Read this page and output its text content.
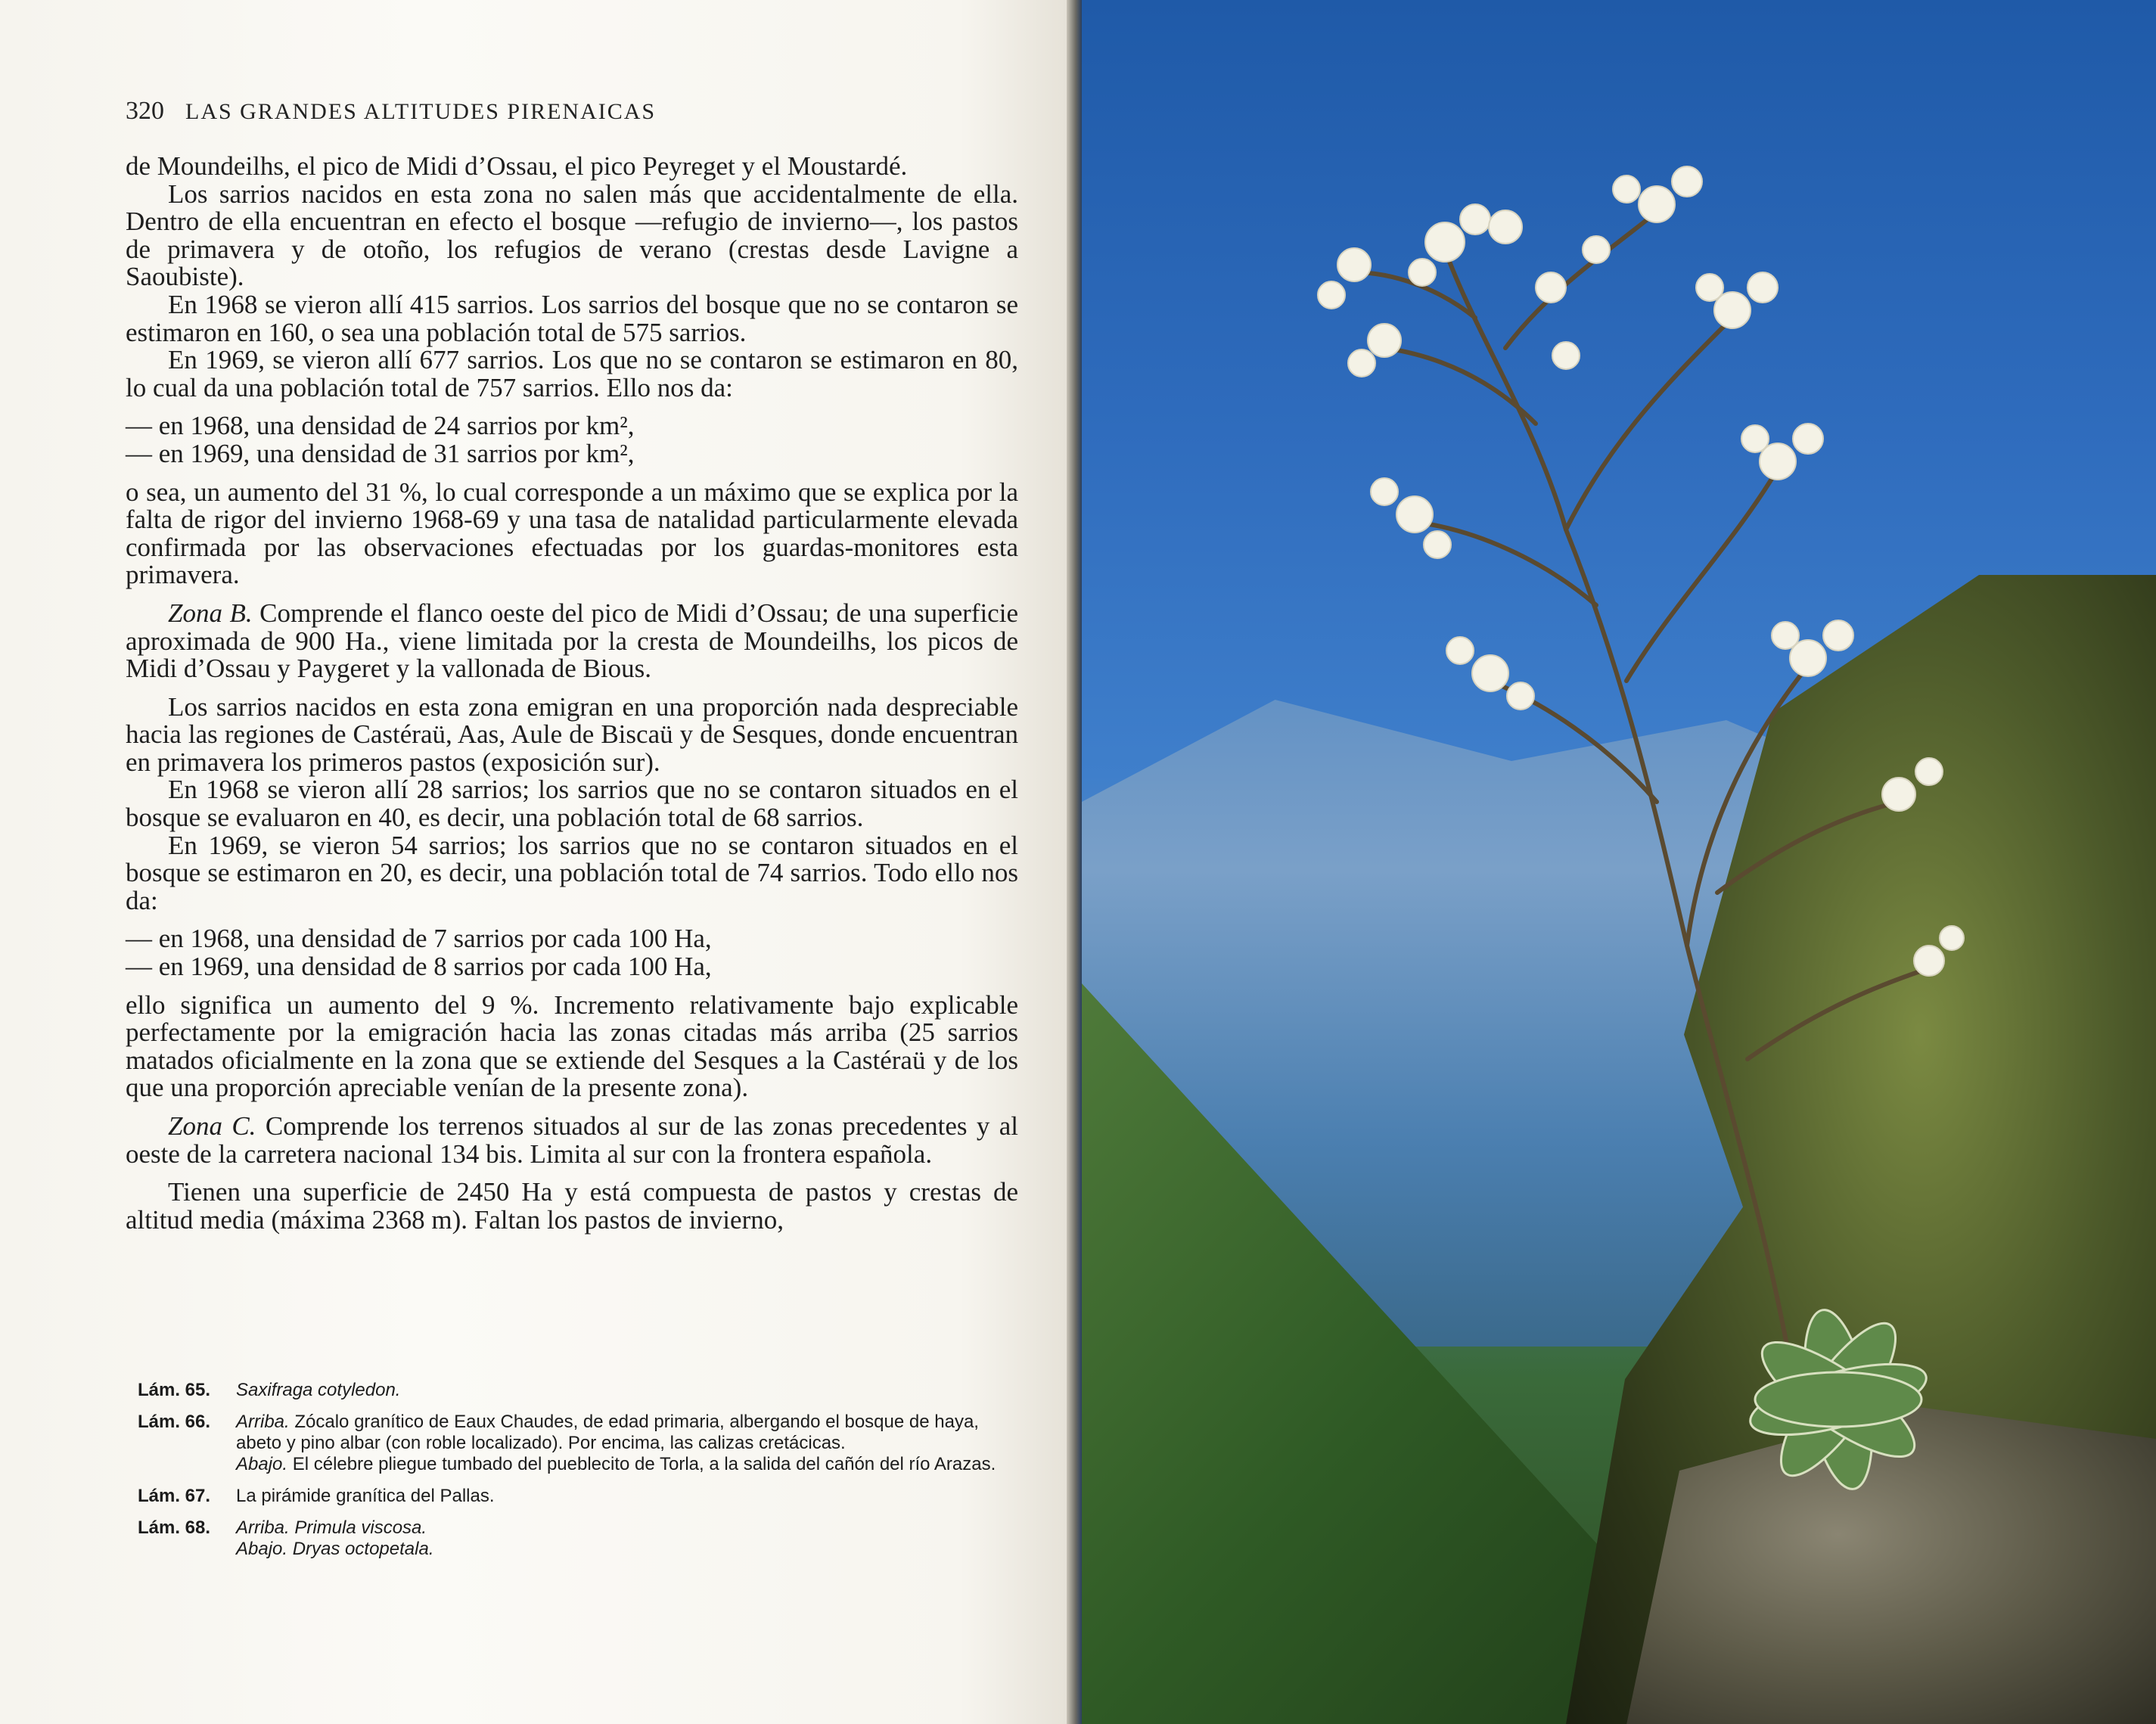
320 LAS GRANDES ALTITUDES PIRENAICAS

de Moundeilhs, el pico de Midi d’Ossau, el pico Peyreget y el Moustardé.

Los sarrios nacidos en esta zona no salen más que accidentalmente de ella. Dentro de ella encuentran en efecto el bosque —refugio de invierno—, los pastos de primavera y de otoño, los refugios de verano (crestas desde Lavigne a Saoubiste).

En 1968 se vieron allí 415 sarrios. Los sarrios del bosque que no se contaron se estimaron en 160, o sea una población total de 575 sarrios.

En 1969, se vieron allí 677 sarrios. Los que no se contaron se estimaron en 80, lo cual da una población total de 757 sarrios. Ello nos da:

— en 1968, una densidad de 24 sarrios por km²,

— en 1969, una densidad de 31 sarrios por km²,

o sea, un aumento del 31 %, lo cual corresponde a un máximo que se explica por la falta de rigor del invierno 1968-69 y una tasa de natalidad particularmente elevada confirmada por las observaciones efectuadas por los guardas-monitores esta primavera.

Zona B. Comprende el flanco oeste del pico de Midi d’Ossau; de una superficie aproximada de 900 Ha., viene limitada por la cresta de Moundeilhs, los picos de Midi d’Ossau y Paygeret y la vallonada de Bious.

Los sarrios nacidos en esta zona emigran en una proporción nada despreciable hacia las regiones de Castéraü, Aas, Aule de Biscaü y de Sesques, donde encuentran en primavera los primeros pastos (exposición sur).

En 1968 se vieron allí 28 sarrios; los sarrios que no se contaron situados en el bosque se evaluaron en 40, es decir, una población total de 68 sarrios.

En 1969, se vieron 54 sarrios; los sarrios que no se contaron situados en el bosque se estimaron en 20, es decir, una población total de 74 sarrios. Todo ello nos da:

— en 1968, una densidad de 7 sarrios por cada 100 Ha,

— en 1969, una densidad de 8 sarrios por cada 100 Ha,

ello significa un aumento del 9 %. Incremento relativamente bajo explicable perfectamente por la emigración hacia las zonas citadas más arriba (25 sarrios matados oficialmente en la zona que se extiende del Sesques a la Castéraü y de los que una proporción apreciable venían de la presente zona).

Zona C. Comprende los terrenos situados al sur de las zonas precedentes y al oeste de la carretera nacional 134 bis. Limita al sur con la frontera española.

Tienen una superficie de 2450 Ha y está compuesta de pastos y crestas de altitud media (máxima 2368 m). Faltan los pastos de invierno,

Lám. 65.	Saxifraga cotyledon.
Lám. 66.	Arriba. Zócalo granítico de Eaux Chaudes, de edad primaria, albergando el bosque de haya, abeto y pino albar (con roble localizado). Por encima, las calizas cretácicas.
Abajo. El célebre pliegue tumbado del pueblecito de Torla, a la salida del cañón del río Arazas.
Lám. 67.	La pirámide granítica del Pallas.
Lám. 68.	Arriba. Primula viscosa.
Abajo. Dryas octopetala.
